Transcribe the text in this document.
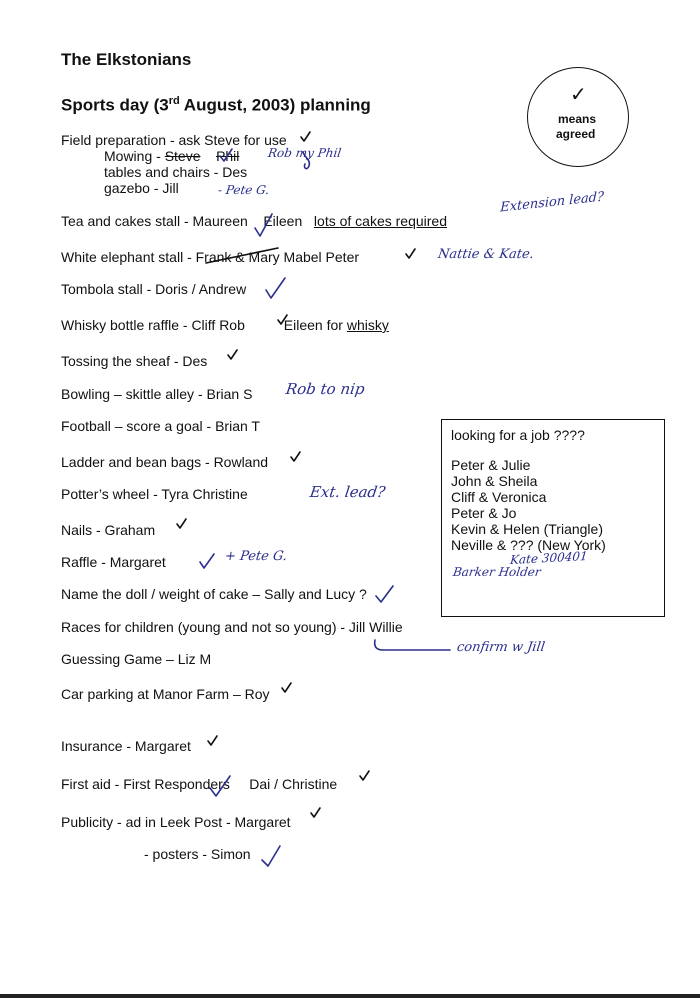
The Elkstonians
Sports day (3rd August, 2003) planning	✓
means
agreed
Field preparation - ask Steve for use
Mowing - Steve Phil
tables and chairs - Des
gazebo - Jill
Tea and cakes stall - Maureen Eileen lots of cakes required
White elephant stall - Frank & Mary Mabel Peter
Tombola stall - Doris / Andrew
Whisky bottle raffle - Cliff Rob	Eileen for whisky
Tossing the sheaf - Des
Bowling – skittle alley - Brian S
Football – score a goal - Brian T
Ladder and bean bags - Rowland
Potter’s wheel - Tyra Christine
Nails - Graham
Raffle - Margaret
Name the doll / weight of cake – Sally and Lucy ?
Races for children (young and not so young) - Jill Willie
Guessing Game – Liz M
Car parking at Manor Farm – Roy
Insurance - Margaret
First aid - First Responders Dai / Christine
Publicity - ad in Leek Post - Margaret
- posters - Simon
looking for a job ????
Peter & Julie
John & Sheila
Cliff & Veronica
Peter & Jo
Kevin & Helen (Triangle)
Neville & ??? (New York)
Rob my Phil
- Pete G.	Extension lead?
Nattie & Kate.
Rob to nip
Ext. lead?
+ Pete G.
confirm w Jill
Kate 300401
Barker Holder
